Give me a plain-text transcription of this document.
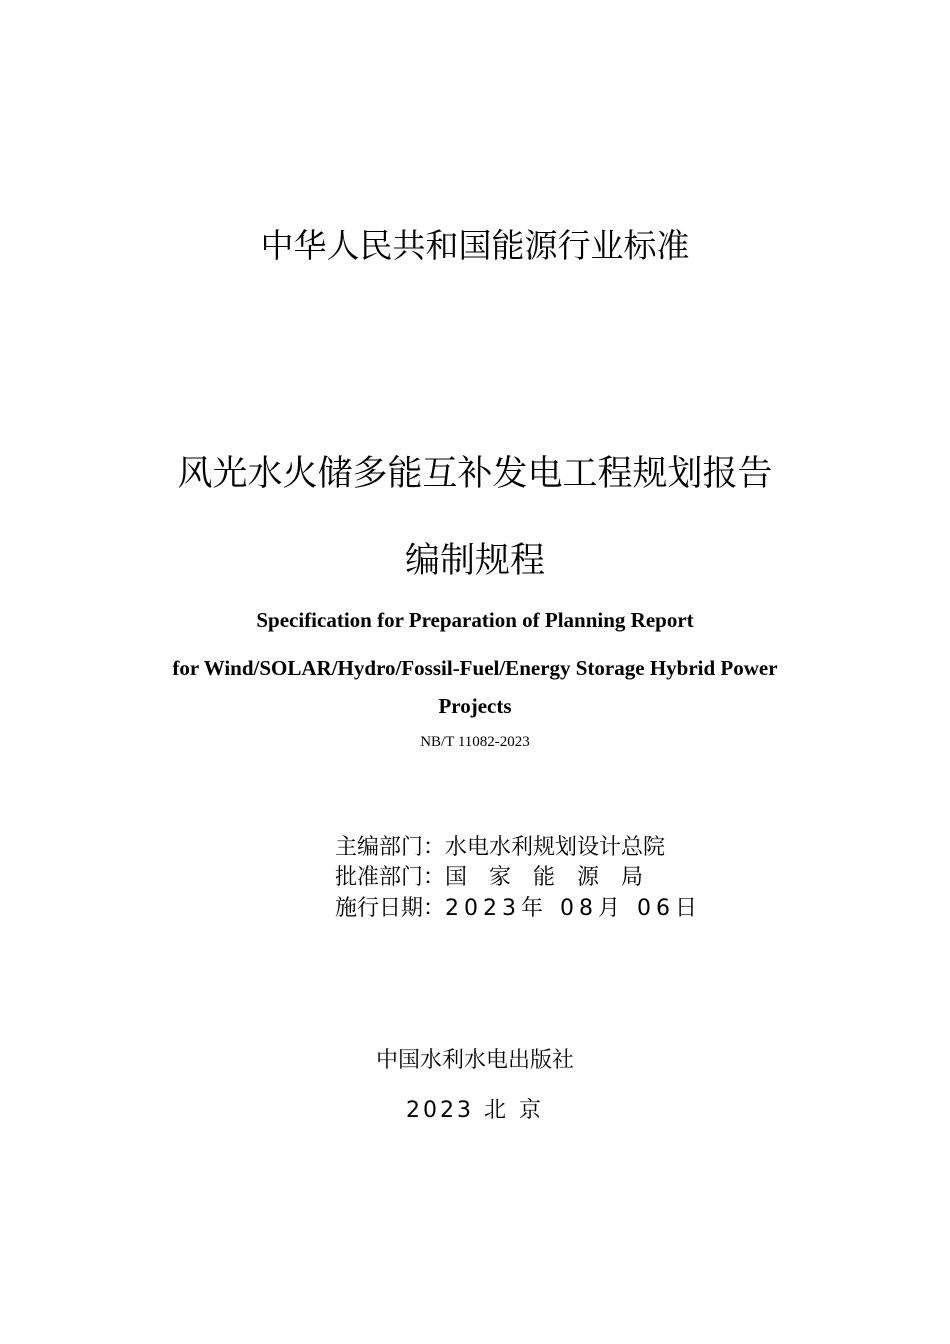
中华人民共和国能源行业标准
风光水火储多能互补发电工程规划报告
编制规程
Specification for Preparation of Planning Report
for Wind/SOLAR/Hydro/Fossil-Fuel/Energy Storage Hybrid Power
Projects
NB/T 11082-2023
主编部门：水电水利规划设计总院
批准部门：国家能源局
施行日期：2023年 08月 06日
中国水利水电出版社
2023 北 京
